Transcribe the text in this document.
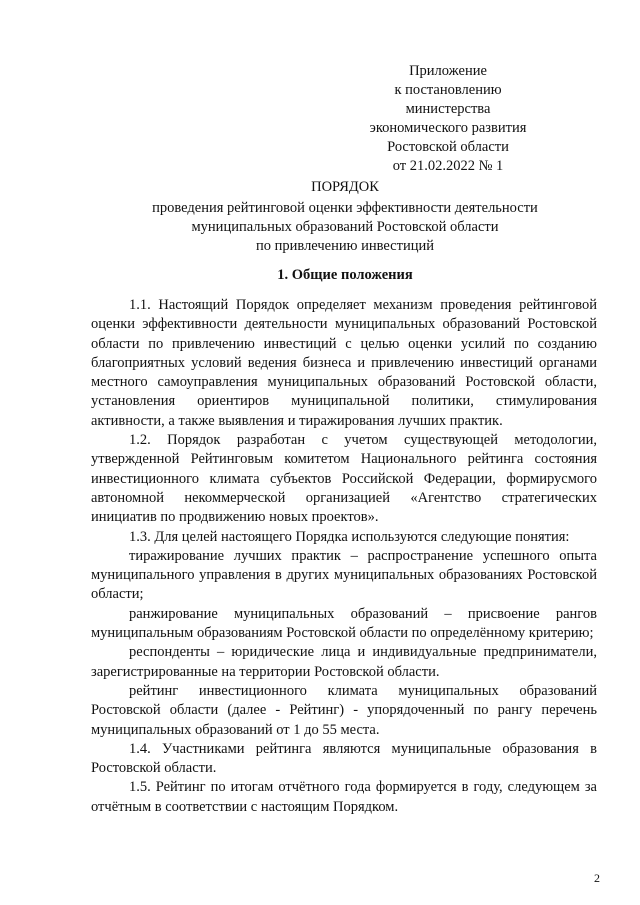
Приложение
к постановлению
министерства
экономического развития
Ростовской области
от 21.02.2022 № 1
ПОРЯДОК
проведения рейтинговой оценки эффективности деятельности
муниципальных образований Ростовской области
по привлечению инвестиций
1. Общие положения

1.1. Настоящий Порядок определяет механизм проведения рейтинговой оценки эффективности деятельности муниципальных образований Ростовской области по привлечению инвестиций с целью оценки усилий по созданию благоприятных условий ведения бизнеса и привлечению инвестиций органами местного самоуправления муниципальных образований Ростовской области, установления ориентиров муниципальной политики, стимулирования активности, а также выявления и тиражирования лучших практик.

1.2. Порядок разработан с учетом существующей методологии, утвержденной Рейтинговым комитетом Национального рейтинга состояния инвестиционного климата субъектов Российской Федерации, формирусмого автономной некоммерческой организацией «Агентство стратегических инициатив по продвижению новых проектов».

1.3. Для целей настоящего Порядка используются следующие понятия:

тиражирование лучших практик – распространение успешного опыта муниципального управления в других муниципальных образованиях Ростовской области;

ранжирование муниципальных образований – присвоение рангов муниципальным образованиям Ростовской области по определённому критерию;

респонденты – юридические лица и индивидуальные предприниматели, зарегистрированные на территории Ростовской области.

рейтинг инвестиционного климата муниципальных образований Ростовской области (далее - Рейтинг) - упорядоченный по рангу перечень муниципальных образований от 1 до 55 места.

1.4. Участниками рейтинга являются муниципальные образования в Ростовской области.

1.5. Рейтинг по итогам отчётного года формируется в году, следующем за отчётным в соответствии с настоящим Порядком.

2
